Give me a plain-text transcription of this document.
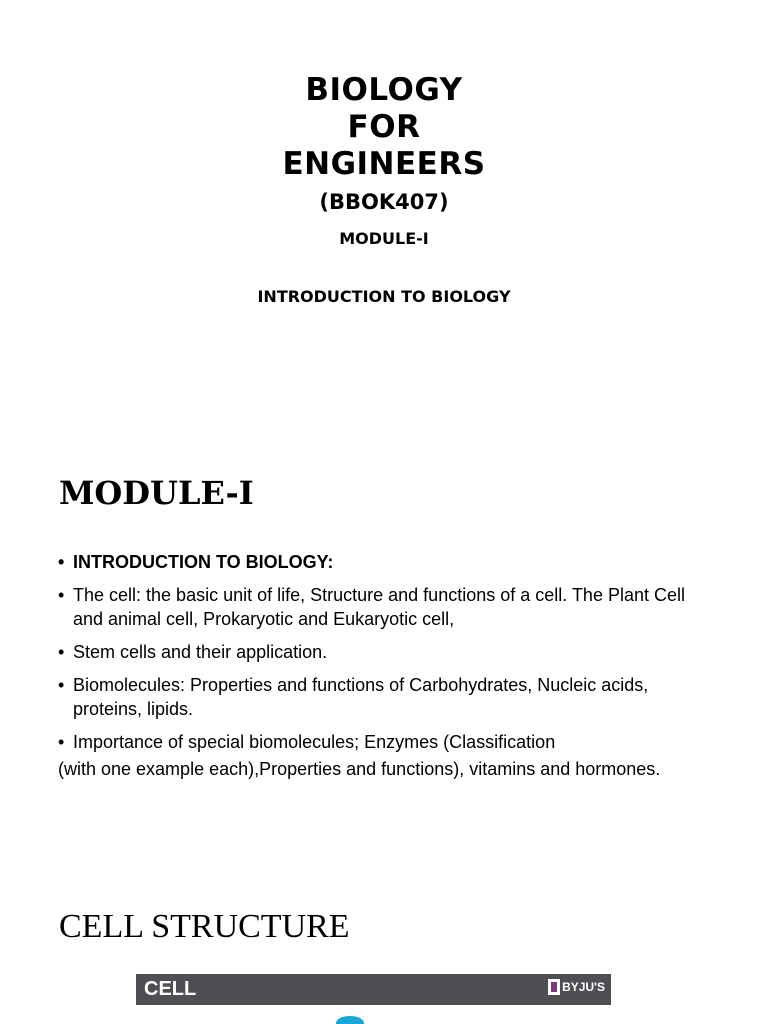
BIOLOGY
FOR
ENGINEERS
(BBOK407)
MODULE-I
INTRODUCTION TO BIOLOGY
MODULE-I
• INTRODUCTION TO BIOLOGY:
• The cell: the basic unit of life, Structure and functions of a cell. The Plant Cell and animal cell, Prokaryotic and Eukaryotic cell,
• Stem cells and their application.
• Biomolecules: Properties and functions of Carbohydrates, Nucleic acids, proteins, lipids.
• Importance of special biomolecules; Enzymes (Classification
(with one example each),Properties and functions), vitamins and hormones.
CELL STRUCTURE
CELL	BYJU'S
